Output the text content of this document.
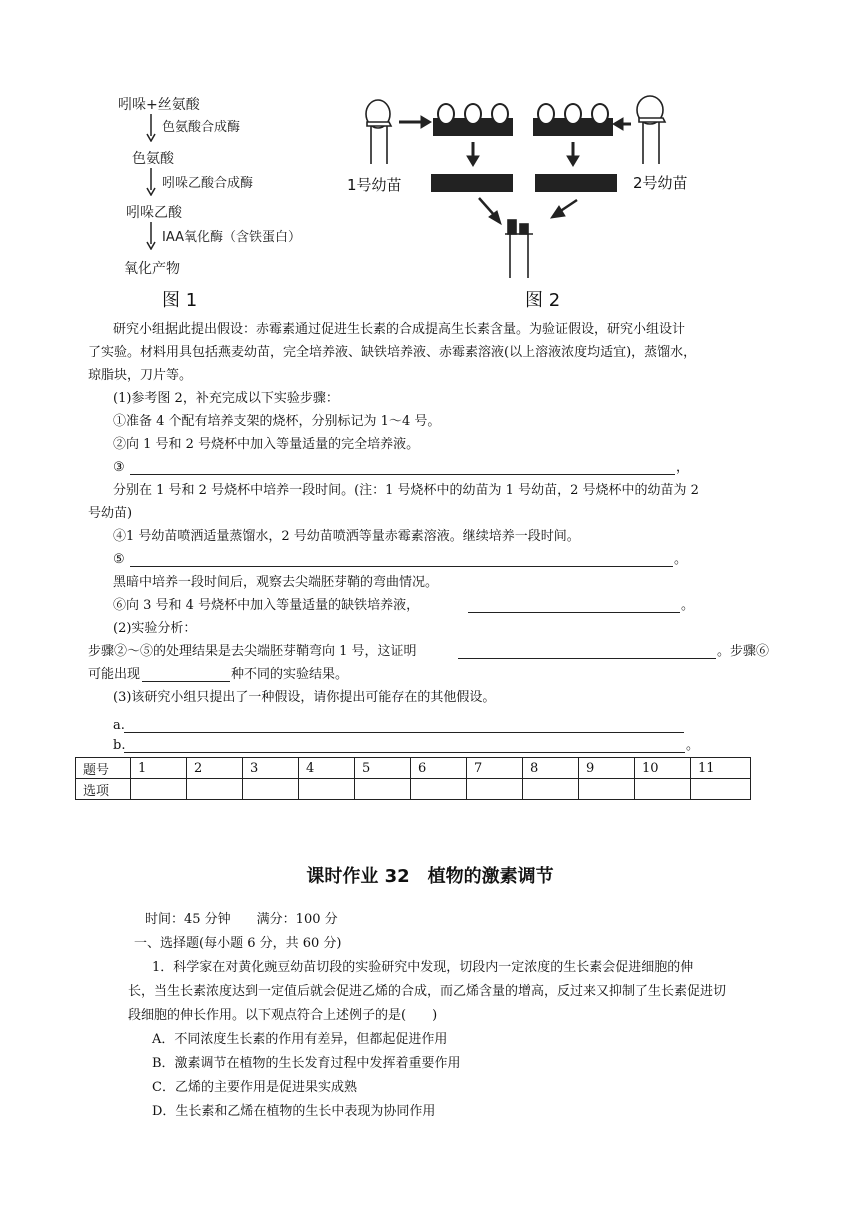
吲哚+丝氨酸
色氨酸合成酶
色氨酸
吲哚乙酸合成酶
吲哚乙酸
IAA氧化酶（含铁蛋白）
氧化产物
图 1
1号幼苗	2号幼苗
图 2
研究小组据此提出假设：赤霉素通过促进生长素的合成提高生长素含量。为验证假设，研究小组设计
了实验。材料用具包括燕麦幼苗，完全培养液、缺铁培养液、赤霉素溶液(以上溶液浓度均适宜)，蒸馏水，
琼脂块，刀片等。
(1)参考图 2，补充完成以下实验步骤：
①准备 4 个配有培养支架的烧杯，分别标记为 1～4 号。
②向 1 号和 2 号烧杯中加入等量适量的完全培养液。
③	，
分别在 1 号和 2 号烧杯中培养一段时间。(注：1 号烧杯中的幼苗为 1 号幼苗，2 号烧杯中的幼苗为 2
号幼苗)
④1 号幼苗喷洒适量蒸馏水，2 号幼苗喷洒等量赤霉素溶液。继续培养一段时间。
⑤	。
黑暗中培养一段时间后，观察去尖端胚芽鞘的弯曲情况。
⑥向 3 号和 4 号烧杯中加入等量适量的缺铁培养液，	。
(2)实验分析：
步骤②～⑤的处理结果是去尖端胚芽鞘弯向 1 号，这证明	。步骤⑥
可能出现	种不同的实验结果。
(3)该研究小组只提出了一种假设，请你提出可能存在的其他假设。
a.
b.	。
题号	1	2	3	4	5	6	7	8	9	10	11
选项											
课时作业 32　植物的激素调节
时间：45 分钟　　满分：100 分
一、选择题(每小题 6 分，共 60 分)
1．科学家在对黄化豌豆幼苗切段的实验研究中发现，切段内一定浓度的生长素会促进细胞的伸
长，当生长素浓度达到一定值后就会促进乙烯的合成，而乙烯含量的增高，反过来又抑制了生长素促进切
段细胞的伸长作用。以下观点符合上述例子的是(　　)
A．不同浓度生长素的作用有差异，但都起促进作用
B．激素调节在植物的生长发育过程中发挥着重要作用
C．乙烯的主要作用是促进果实成熟
D．生长素和乙烯在植物的生长中表现为协同作用
